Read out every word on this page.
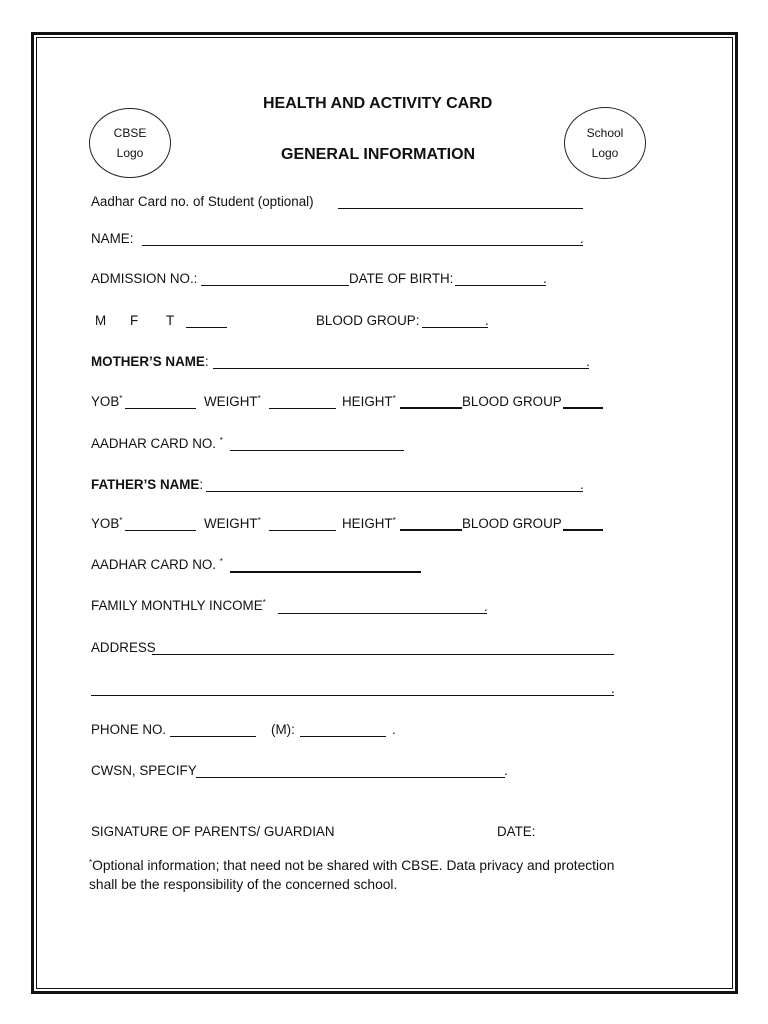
CBSE
Logo
School
Logo
HEALTH AND ACTIVITY CARD
GENERAL INFORMATION
Aadhar Card no. of Student (optional)
NAME:	.
ADMISSION NO.:	DATE OF BIRTH:	.
M F T	BLOOD GROUP:	.
MOTHER’S NAME:	.
YOB*	WEIGHT*	HEIGHT*	BLOOD GROUP
AADHAR CARD NO. *
FATHER’S NAME:	.
YOB*	WEIGHT*	HEIGHT*	BLOOD GROUP
AADHAR CARD NO. *
FAMILY MONTHLY INCOME*	.
ADDRESS
.
PHONE NO.	(M):	.
CWSN, SPECIFY	.
SIGNATURE OF PARENTS/ GUARDIAN	DATE:
*Optional information; that need not be shared with CBSE. Data privacy and protection
shall be the responsibility of the concerned school.
